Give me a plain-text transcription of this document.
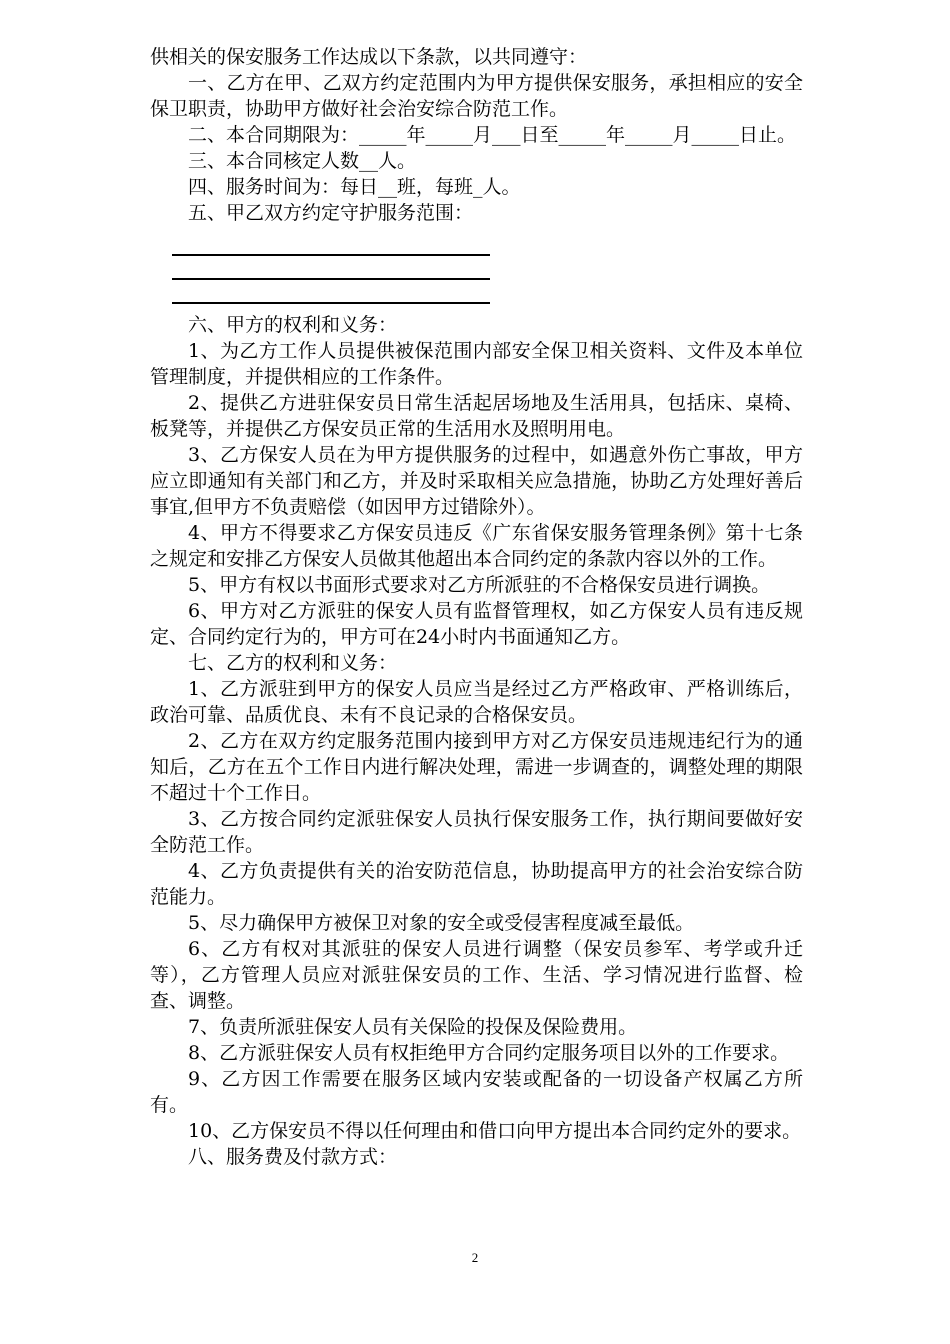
供相关的保安服务工作达成以下条款，以共同遵守：

一、乙方在甲、乙双方约定范围内为甲方提供保安服务，承担相应的安全保卫职责，协助甲方做好社会治安综合防范工作。

二、本合同期限为：_____年_____月___日至_____年_____月_____日止。

三、本合同核定人数__人。

四、服务时间为：每日__班，每班_人。

五、甲乙双方约定守护服务范围：

六、甲方的权利和义务：

1、为乙方工作人员提供被保范围内部安全保卫相关资料、文件及本单位管理制度，并提供相应的工作条件。

2、提供乙方进驻保安员日常生活起居场地及生活用具，包括床、桌椅、板凳等，并提供乙方保安员正常的生活用水及照明用电。

3、乙方保安人员在为甲方提供服务的过程中，如遇意外伤亡事故，甲方应立即通知有关部门和乙方，并及时采取相关应急措施，协助乙方处理好善后事宜,但甲方不负责赔偿（如因甲方过错除外）。

4、甲方不得要求乙方保安员违反《广东省保安服务管理条例》第十七条之规定和安排乙方保安人员做其他超出本合同约定的条款内容以外的工作。

5、甲方有权以书面形式要求对乙方所派驻的不合格保安员进行调换。

6、甲方对乙方派驻的保安人员有监督管理权，如乙方保安人员有违反规定、合同约定行为的，甲方可在24小时内书面通知乙方。

七、乙方的权利和义务：

1、乙方派驻到甲方的保安人员应当是经过乙方严格政审、严格训练后，政治可靠、品质优良、未有不良记录的合格保安员。

2、乙方在双方约定服务范围内接到甲方对乙方保安员违规违纪行为的通知后，乙方在五个工作日内进行解决处理，需进一步调查的，调整处理的期限不超过十个工作日。

3、乙方按合同约定派驻保安人员执行保安服务工作，执行期间要做好安全防范工作。

4、乙方负责提供有关的治安防范信息，协助提高甲方的社会治安综合防范能力。

5、尽力确保甲方被保卫对象的安全或受侵害程度减至最低。

6、乙方有权对其派驻的保安人员进行调整（保安员参军、考学或升迁等），乙方管理人员应对派驻保安员的工作、生活、学习情况进行监督、检查、调整。

7、负责所派驻保安人员有关保险的投保及保险费用。

8、乙方派驻保安人员有权拒绝甲方合同约定服务项目以外的工作要求。

9、乙方因工作需要在服务区域内安装或配备的一切设备产权属乙方所有。

10、乙方保安员不得以任何理由和借口向甲方提出本合同约定外的要求。

八、服务费及付款方式：

2
